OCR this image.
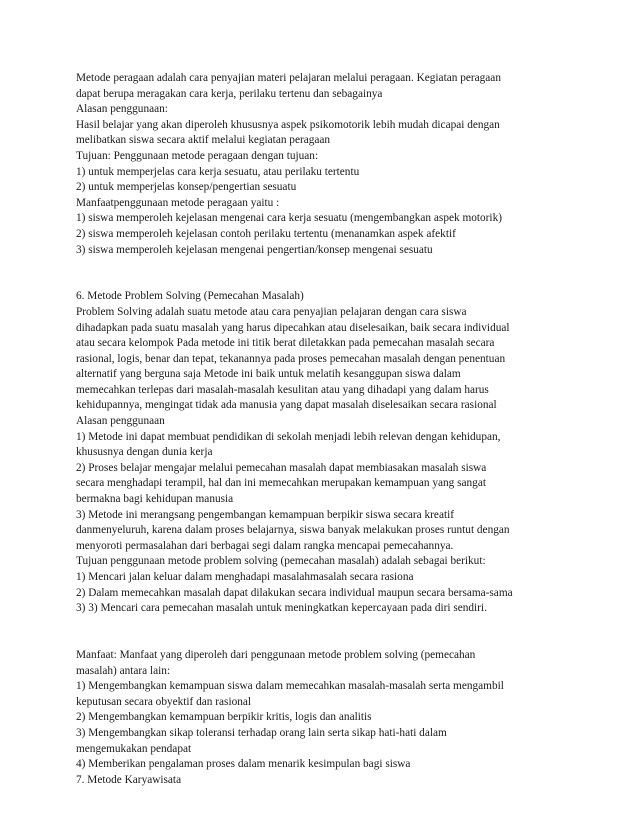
Metode peragaan adalah cara penyajian materi pelajaran melalui peragaan. Kegiatan peragaan
dapat berupa meragakan cara kerja, perilaku tertenu dan sebagainya
Alasan penggunaan:
Hasil belajar yang akan diperoleh khususnya aspek psikomotorik lebih mudah dicapai dengan
melibatkan siswa secara aktif melalui kegiatan peragaan
Tujuan: Penggunaan metode peragaan dengan tujuan:
1) untuk memperjelas cara kerja sesuatu, atau perilaku tertentu
2) untuk memperjelas konsep/pengertian sesuatu
Manfaatpenggunaan metode peragaan yaitu :
1) siswa memperoleh kejelasan mengenai cara kerja sesuatu (mengembangkan aspek motorik)
2) siswa memperoleh kejelasan contoh perilaku tertentu (menanamkan aspek afektif
3) siswa memperoleh kejelasan mengenai pengertian/konsep mengenai sesuatu
6. Metode Problem Solving (Pemecahan Masalah)
Problem Solving adalah suatu metode atau cara penyajian pelajaran dengan cara siswa
dihadapkan pada suatu masalah yang harus dipecahkan atau diselesaikan, baik secara individual
atau secara kelompok Pada metode ini titik berat diletakkan pada pemecahan masalah secara
rasional, logis, benar dan tepat, tekanannya pada proses pemecahan masalah dengan penentuan
alternatif yang berguna saja Metode ini baik untuk melatih kesanggupan siswa dalam
memecahkan terlepas dari masalah-masalah kesulitan atau yang dihadapi yang dalam harus
kehidupannya, mengingat tidak ada manusia yang dapat masalah diselesaikan secara rasional
Alasan penggunaan
1) Metode ini dapat membuat pendidikan di sekolah menjadi lebih relevan dengan kehidupan,
khususnya dengan dunia kerja
2) Proses belajar mengajar melalui pemecahan masalah dapat membiasakan masalah siswa
secara menghadapi terampil, hal dan ini memecahkan merupakan kemampuan yang sangat
bermakna bagi kehidupan manusia
3) Metode ini merangsang pengembangan kemampuan berpikir siswa secara kreatif
danmenyeluruh, karena dalam proses belajarnya, siswa banyak melakukan proses runtut dengan
menyoroti permasalahan dari berbagai segi dalam rangka mencapai pemecahannya.
Tujuan penggunaan metode problem solving (pemecahan masalah) adalah sebagai berikut:
1) Mencari jalan keluar dalam menghadapi masalahmasalah secara rasiona
2) Dalam memecahkan masalah dapat dilakukan secara individual maupun secara bersama-sama
3) 3) Mencari cara pemecahan masalah untuk meningkatkan kepercayaan pada diri sendiri.
Manfaat: Manfaat yang diperoleh dari penggunaan metode problem solving (pemecahan
masalah) antara lain:
1) Mengembangkan kemampuan siswa dalam memecahkan masalah-masalah serta mengambil
keputusan secara obyektif dan rasional
2) Mengembangkan kemampuan berpikir kritis, logis dan analitis
3) Mengembangkan sikap toleransi terhadap orang lain serta sikap hati-hati dalam
mengemukakan pendapat
4) Memberikan pengalaman proses dalam menarik kesimpulan bagi siswa
7. Metode Karyawisata
